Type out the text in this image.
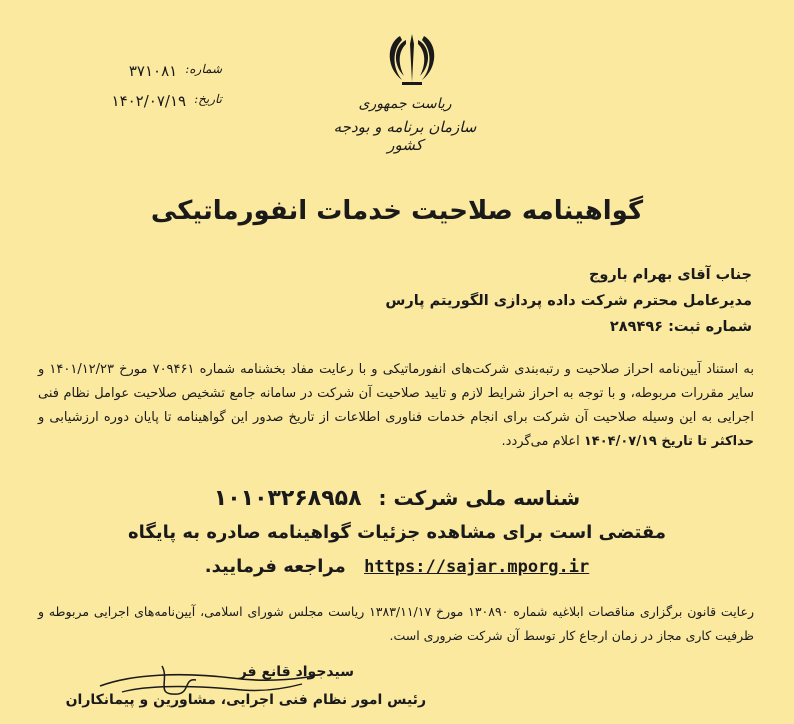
شماره:
۳۷۱۰۸۱
تاریخ:
۱۴۰۲/۰۷/۱۹	ریاست جمهوری
سازمان برنامه و بودجه کشور
گواهینامه صلاحیت خدمات انفورماتیکی
جناب آقای بهرام باروج
مدیرعامل محترم شرکت داده پردازی الگوریتم پارس
شماره ثبت: ۲۸۹۴۹۶
به استناد آیین‌نامه احراز صلاحیت و رتبه‌بندی شرکت‌های انفورماتیکی و با رعایت مفاد بخشنامه شماره ۷۰۹۴۶۱ مورخ ۱۴۰۱/۱۲/۲۳ و سایر مقررات مربوطه، و با توجه به احراز شرایط لازم و تایید صلاحیت آن شرکت در سامانه جامع تشخیص صلاحیت عوامل نظام فنی اجرایی به این وسیله صلاحیت آن شرکت برای انجام خدمات فناوری اطلاعات از تاریخ صدور این گواهینامه تا پایان دوره ارزشیابی و حداکثر تا تاریخ ۱۴۰۴/۰۷/۱۹ اعلام می‌گردد.
شناسه ملی شرکت : ۱۰۱۰۳۲۶۸۹۵۸
مقتضی است برای مشاهده جزئیات گواهینامه صادره به پایگاه
https://sajar.mporg.ir مراجعه فرمایید.
رعایت قانون برگزاری مناقصات ابلاغیه شماره ۱۳۰۸۹۰ مورخ ۱۳۸۳/۱۱/۱۷ ریاست مجلس شورای اسلامی، آیین‌نامه‌های اجرایی مربوطه و ظرفیت کاری مجاز در زمان ارجاع کار توسط آن شرکت ضروری است.
سیدجواد قانع فر
رئیس امور نظام فنی اجرایی، مشاورین و پیمانکاران
